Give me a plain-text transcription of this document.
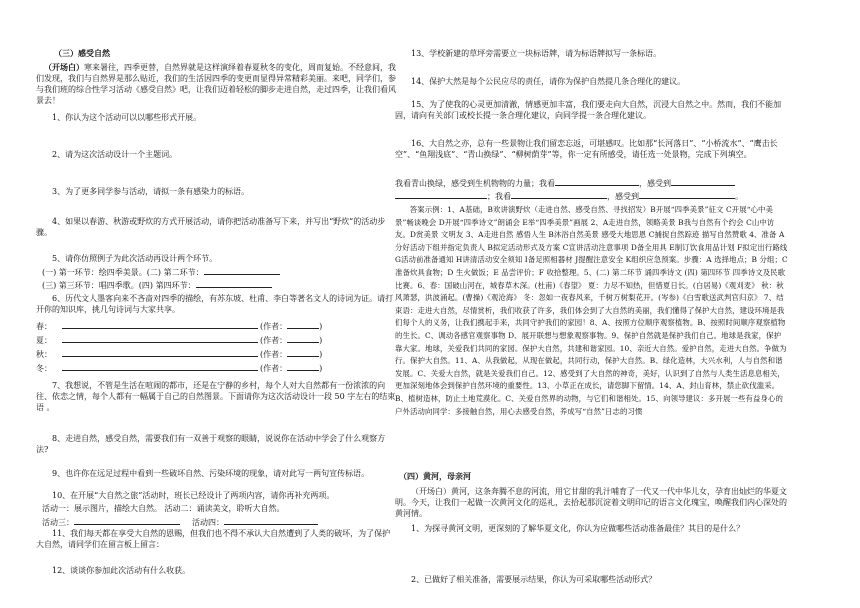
（三）感受自然

（开场白）寒来暑往，四季更替，自然界就是这样演绎着春夏秋冬的变化，周而复始。不经意间，我们发现，我们与自然界是那么贴近，我们的生活因四季的变更而显得异常精彩美丽。来吧，同学们，参与我们班的综合性学习活动《感受自然》吧，让我们迈着轻松的脚步走进自然，走过四季，让我们看风景去！

1、你认为这个活动可以以哪些形式开展。

2、请为这次活动设计一个主题词。

3、为了更多同学参与活动，请拟一条有感染力的标语。

4、如果以春游、秋游或野炊的方式开展活动，请你把活动准备写下来，并写出“野炊”的活动步骤。

5、请你仿照例子为此次活动再设计两个环节。

(一) 第一环节：绘四季美景。(二) 第二环节：

(三) 第三环节：唱四季歌。(四) 第四环节：

6、历代文人墨客向来不吝啬对四季的描绘，有苏东坡、杜甫、李白等著名文人的诗词为证。请打开你的知识库，挑几句诗词与大家共享。

春：	(作者：	)
夏：	(作者：	)
秋：	(作者：	)
冬：	(作者：	)

7、我想说，不管是生活在喧闹的都市，还是在宁静的乡村，每个人对大自然都有一份浓浓的向往、依恋之情，每个人都有一幅属于自己的自然图景。下面请你为这次活动设计一段 50 字左右的结束语 。

8、走进自然，感受自然，需要我们有一双善于观察的眼睛，说说你在活动中学会了什么观察方法?

9、也许你在远足过程中看到一些破坏自然、污染环境的现象，请对此写一两句宣传标语。

10、在开展“大自然之旅”活动时，班长已经设计了两项内容，请你再补充两项。

活动一：展示图片，描绘大自然。 活动二：诵读美文，聆听大自然。

活动三：	活动四：

11、我们每天都在享受大自然的恩赐，但我们也不得不承认大自然遭到了人类的破坏，为了保护大自然，请同学们在留言板上留言：

12、谈谈你参加此次活动有什么收获。

13、学校新建的草坪旁需要立一块标语牌，请为标语牌拟写一条标语。

14、保护大然是每个公民应尽的责任，请你为保护自然提几条合理化的建议。

15、为了使我的心灵更加清澈，情感更加丰富，我们要走向大自然，沉浸大自然之中。然而，我们不能加固，请向有关部门或校长提一条合理化建议，向同学提一条合理化建议。

16、大自然之亦，总有一些景物让我们留恋忘返，可堪感叹。比如那“长河落日”、“小桥流水”、“鹰击长空”、“鱼翔浅底”、“青山换绿”、“柳树荫芽”等，你一定有所感受，请任选一处景物，完成下列填空。

我看青山换绿，感受到生机物物的力量；我看	，感受到

；我看	，感受到	。

答案示例：1、A基础，B欢讲演野炊（走进自然、感受自然、寻找招发）B开展“四季美景”征文 C开展“心中美景”畅谈晚会 D开展“四季诗文”朗诵会 E举“四季美景”画展 2、A走进自然，领略美景 B我与自然有个约会 C山中访友。D赏美景 文明友 3、A走进自然 感悟人生 B沐浴自然美景 感受大地思恩 C捕捉自然踪迹 描写自然赞歌 4、准备 A分好活动下组并指定负责人 B拟定活动形式及方案 C宣讲活动注意事项 D备全用具 E制订饮食用品计划 F拟定出行路线 G活动前准备通知 H讲清活动安全须知 I备足照相器材 J提醒注意安全 K组织应急预案。步骤：A 选择地点；B 分组；C 准备炊具食物；D 生火做饭；E 品尝评价；F 收拾整理。5、(二) 第二环节 诵四季诗文 (四) 第四环节 四季诗文及民歌比赛。6、春：国破山河在，城春草木深。(杜甫)《春望》 夏：力尽不知热，但惜夏日长。(白居易)《观刈麦》 秋：秋风萧瑟，洪波涌起。(曹操)《观沧海》 冬：忽如一夜春风来，千树万树梨花开。(岑参)《白雪歌送武判官归京》 7、结束语：走进大自然，尽情赏析，我们收获了许多，我们体会到了大自然的美丽，我们懂得了保护大自然，建设环境是我们每个人的义务，让我们携起手来，共同守护我们的家园！8、A、按照方位顺序观察植物。B、按照时间顺序观察植物的生长。C、调动各感官观察事物 D、展开联想与想象观察事物。9、保护自然就是保护我们自己。地球是我家，保护靠大家。地球，关爱我们共同的家园。保护大自然，共建和谐家园。10、亲近大自然。爱护自然，走进大自然。争做为行。保护大自然。11、A、从我做起，从现在做起，共同行动，保护大自然。B、绿化造林，大兴水利，人与自然和谐发展。C、关爱大自然，就是关爱我们自己。12、感受到了大自然的神奇，美好，认识到了自然与人类生活息息相关，更加深刻地体会到保护自然环境的重要性。13、小草正在成长，请您脚下留情。14、A、封山育林，禁止砍伐滥采。B、植树造林，防止土地荒漠化。C、关爱自然界的动物，与它们和谐相处。15、向领导建议：多开展一些有益身心的户外活动向同学：多接触自然，用心去感受自然，养成写“自然”日志的习惯

（四）黄河，母亲河

（开场白）黄河，这条奔腾不息的河流，用它甘甜的乳汁哺育了一代又一代中华儿女，孕育出灿烂的华夏文明。今天，让我们一起做一次黄河文化的巡礼，去拾起那沉淀着文明印记的语言文化瑰宝，唤醒我们内心深处的黄河情。

1、为探寻黄河文明，更深刻的了解华夏文化，你认为应做哪些活动准备最佳？其目的是什么？

2、已做好了相关准备，需要展示结果，你认为可采取哪些活动形式？
